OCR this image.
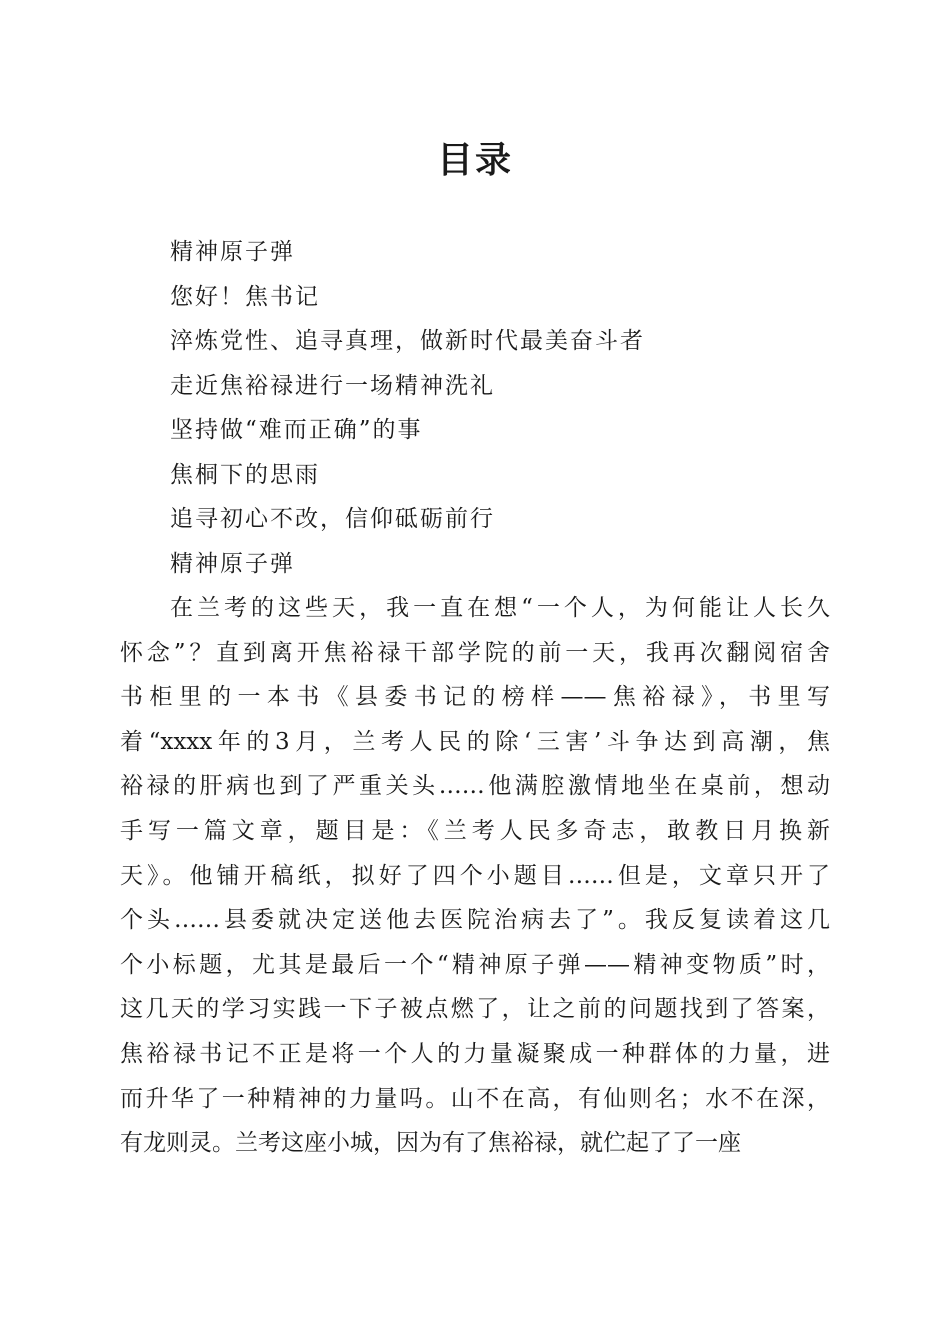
目录
精神原子弹
您好！焦书记
淬炼党性、追寻真理，做新时代最美奋斗者
走近焦裕禄进行一场精神洗礼
坚持做“难而正确”的事
焦桐下的思雨
追寻初心不改，信仰砥砺前行
精神原子弹
在兰考的这些天，我一直在想“一个人，为何能让人长久
怀念”？直到离开焦裕禄干部学院的前一天，我再次翻阅宿舍
书柜里的一本书《县委书记的榜样——焦裕禄》，书里写
着“xxxx年的3月，兰考人民的除‘三害’斗争达到高潮，焦
裕禄的肝病也到了严重关头……他满腔激情地坐在桌前，想动
手写一篇文章，题目是：《兰考人民多奇志，敢教日月换新
天》。他铺开稿纸，拟好了四个小题目……但是，文章只开了
个头……县委就决定送他去医院治病去了”。我反复读着这几
个小标题，尤其是最后一个“精神原子弹——精神变物质”时，
这几天的学习实践一下子被点燃了，让之前的问题找到了答案，
焦裕禄书记不正是将一个人的力量凝聚成一种群体的力量，进
而升华了一种精神的力量吗。山不在高，有仙则名；水不在深，
有龙则灵。兰考这座小城，因为有了焦裕禄，就伫起了了一座
